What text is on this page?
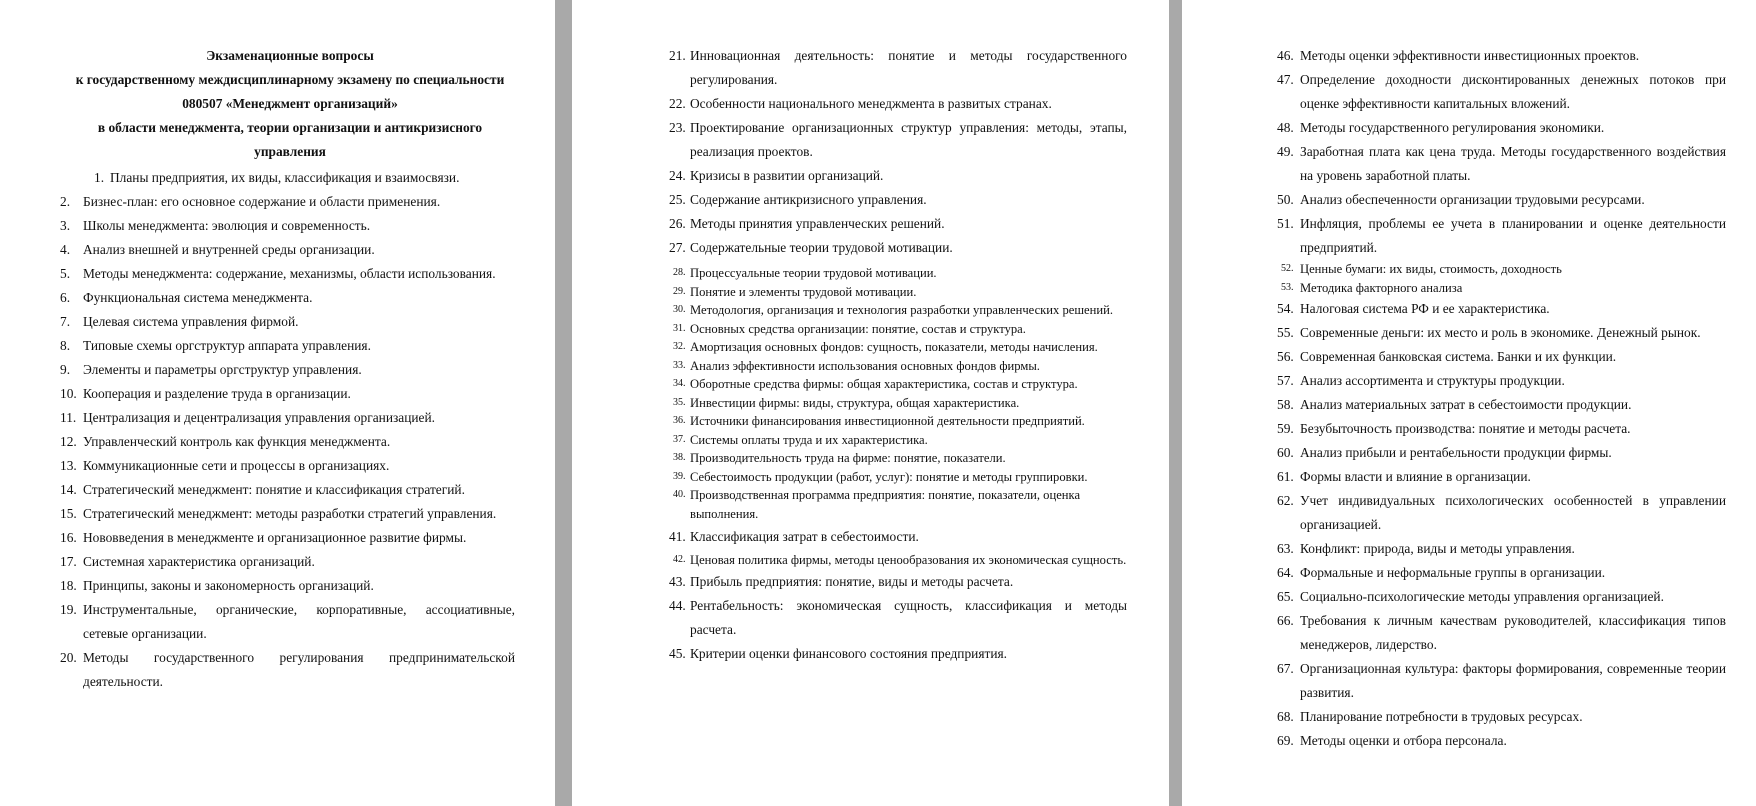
Экзаменационные вопросы
к государственному междисциплинарному экзамену по специальности
080507 «Менеджмент организаций»
в области менеджмента, теории организации и антикризисного
управления
1. Планы предприятия, их виды, классификация и взаимосвязи.
2. Бизнес-план: его основное содержание и области применения.
3. Школы менеджмента: эволюция и современность.
4. Анализ внешней и внутренней среды организации.
5. Методы менеджмента: содержание, механизмы, области использования.
6. Функциональная система менеджмента.
7. Целевая система управления фирмой.
8. Типовые схемы оргструктур аппарата управления.
9. Элементы и параметры оргструктур управления.
10. Кооперация и разделение труда в организации.
11. Централизация и децентрализация управления организацией.
12. Управленческий контроль как функция менеджмента.
13. Коммуникационные сети и процессы в организациях.
14. Стратегический менеджмент: понятие и классификация стратегий.
15. Стратегический менеджмент: методы разработки стратегий управления.
16. Нововведения в менеджменте и организационное развитие фирмы.
17. Системная характеристика организаций.
18. Принципы, законы и закономерность организаций.
19. Инструментальные, органические, корпоративные, ассоциативные, сетевые организации.
20. Методы государственного регулирования предпринимательской деятельности.
21. Инновационная деятельность: понятие и методы государственного регулирования.
22. Особенности национального менеджмента в развитых странах.
23. Проектирование организационных структур управления: методы, этапы, реализация проектов.
24. Кризисы в развитии организаций.
25. Содержание антикризисного управления.
26. Методы принятия управленческих решений.
27. Содержательные теории трудовой мотивации.
28. Процессуальные теории трудовой мотивации.
29. Понятие и элементы трудовой мотивации.
30. Методология, организация и технология разработки управленческих решений.
31. Основных средства организации: понятие, состав и структура.
32. Амортизация основных фондов: сущность, показатели, методы начисления.
33. Анализ эффективности использования основных фондов фирмы.
34. Оборотные средства фирмы: общая характеристика, состав и структура.
35. Инвестиции фирмы: виды, структура, общая характеристика.
36. Источники финансирования инвестиционной деятельности предприятий.
37. Системы оплаты труда и их характеристика.
38. Производительность труда на фирме: понятие, показатели.
39. Себестоимость продукции (работ, услуг): понятие и методы группировки.
40. Производственная программа предприятия: понятие, показатели, оценка выполнения.
41. Классификация затрат в себестоимости.
42. Ценовая политика фирмы, методы ценообразования их экономическая сущность.
43. Прибыль предприятия: понятие, виды и методы расчета.
44. Рентабельность: экономическая сущность, классификация и методы расчета.
45. Критерии оценки финансового состояния предприятия.
46. Методы оценки эффективности инвестиционных проектов.
47. Определение доходности дисконтированных денежных потоков при оценке эффективности капитальных вложений.
48. Методы государственного регулирования экономики.
49. Заработная плата как цена труда. Методы государственного воздействия на уровень заработной платы.
50. Анализ обеспеченности организации трудовыми ресурсами.
51. Инфляция, проблемы ее учета в планировании и оценке деятельности предприятий.
52. Ценные бумаги: их виды, стоимость, доходность
53. Методика факторного анализа
54. Налоговая система РФ и ее характеристика.
55. Современные деньги: их место и роль в экономике. Денежный рынок.
56. Современная банковская система. Банки и их функции.
57. Анализ ассортимента и структуры продукции.
58. Анализ материальных затрат в себестоимости продукции.
59. Безубыточность производства: понятие и методы расчета.
60. Анализ прибыли и рентабельности продукции фирмы.
61. Формы власти и влияние в организации.
62. Учет индивидуальных психологических особенностей в управлении организацией.
63. Конфликт: природа, виды и методы управления.
64. Формальные и неформальные группы в организации.
65. Социально-психологические методы управления организацией.
66. Требования к личным качествам руководителей, классификация типов менеджеров, лидерство.
67. Организационная культура: факторы формирования, современные теории развития.
68. Планирование потребности в трудовых ресурсах.
69. Методы оценки и отбора персонала.
